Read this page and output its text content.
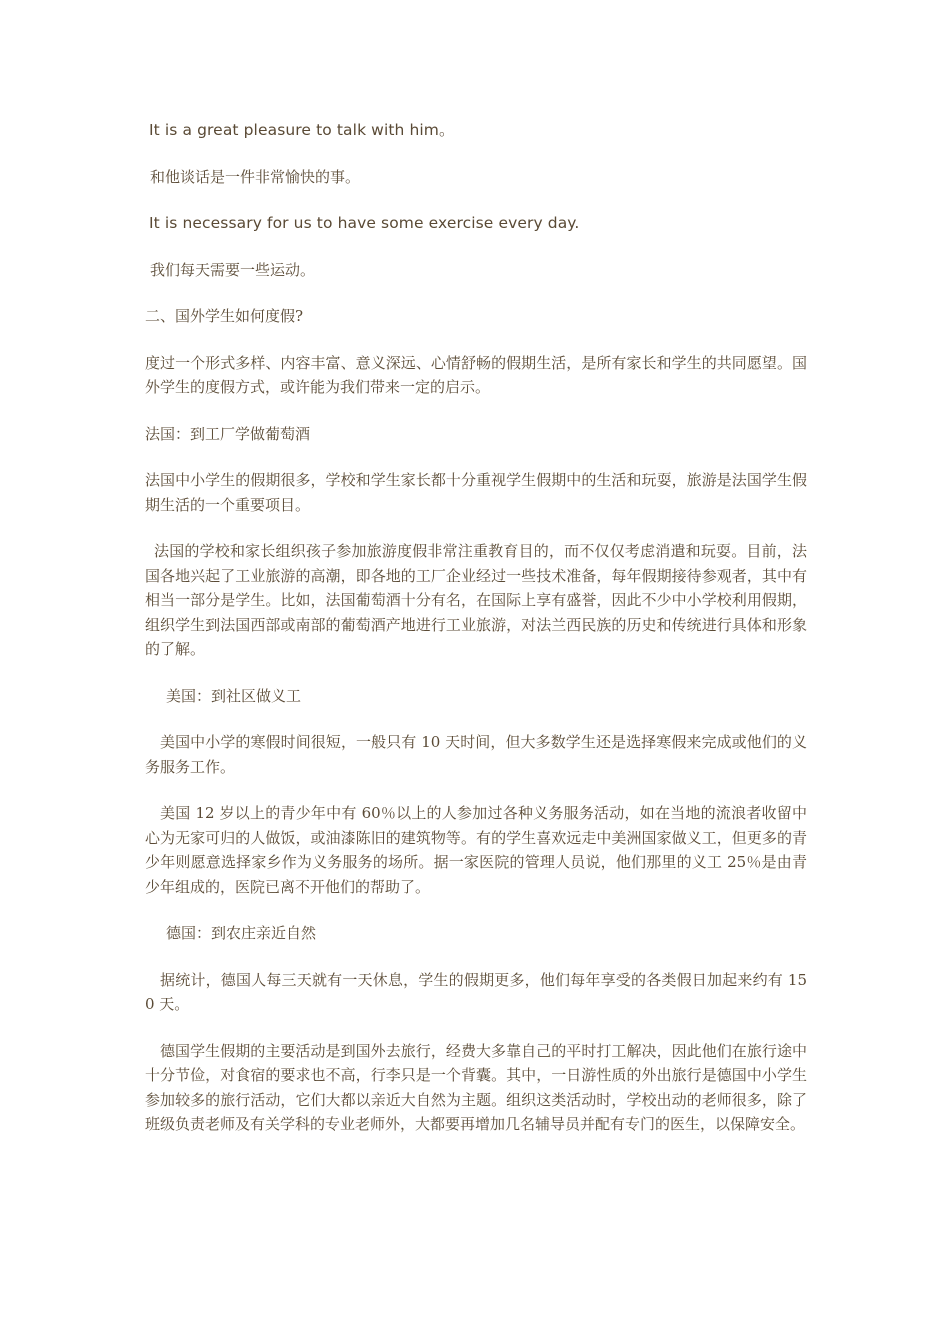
It is a great pleasure to talk with him。

和他谈话是一件非常愉快的事。

It is necessary for us to have some exercise every day.

我们每天需要一些运动。

二、国外学生如何度假?

度过一个形式多样、内容丰富、意义深远、心情舒畅的假期生活，是所有家长和学生的共同愿望。国外学生的度假方式，或许能为我们带来一定的启示。

法国：到工厂学做葡萄酒

法国中小学生的假期很多，学校和学生家长都十分重视学生假期中的生活和玩耍，旅游是法国学生假期生活的一个重要项目。

法国的学校和家长组织孩子参加旅游度假非常注重教育目的，而不仅仅考虑消遣和玩耍。目前，法国各地兴起了工业旅游的高潮，即各地的工厂企业经过一些技术准备，每年假期接待参观者，其中有相当一部分是学生。比如，法国葡萄酒十分有名，在国际上享有盛誉，因此不少中小学校利用假期，组织学生到法国西部或南部的葡萄酒产地进行工业旅游，对法兰西民族的历史和传统进行具体和形象的了解。

美国：到社区做义工

美国中小学的寒假时间很短，一般只有 10 天时间，但大多数学生还是选择寒假来完成或他们的义务服务工作。

美国 12 岁以上的青少年中有 60％以上的人参加过各种义务服务活动，如在当地的流浪者收留中心为无家可归的人做饭，或油漆陈旧的建筑物等。有的学生喜欢远走中美洲国家做义工，但更多的青少年则愿意选择家乡作为义务服务的场所。据一家医院的管理人员说，他们那里的义工 25％是由青少年组成的，医院已离不开他们的帮助了。

德国：到农庄亲近自然

据统计，德国人每三天就有一天休息，学生的假期更多，他们每年享受的各类假日加起来约有 150 天。

德国学生假期的主要活动是到国外去旅行，经费大多靠自己的平时打工解决，因此他们在旅行途中十分节俭，对食宿的要求也不高，行李只是一个背囊。其中，一日游性质的外出旅行是德国中小学生参加较多的旅行活动，它们大都以亲近大自然为主题。组织这类活动时，学校出动的老师很多，除了班级负责老师及有关学科的专业老师外，大都要再增加几名辅导员并配有专门的医生，以保障安全。
